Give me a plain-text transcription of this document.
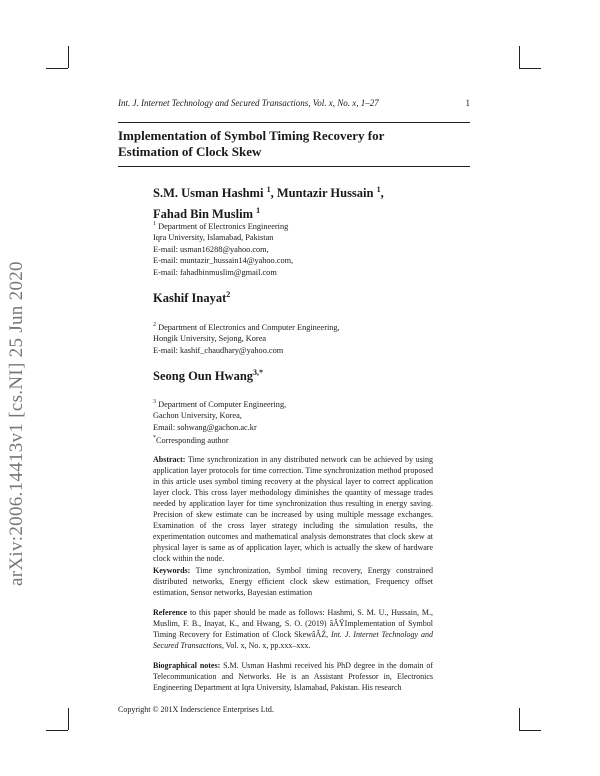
arXiv:2006.14413v1 [cs.NI] 25 Jun 2020
Int. J. Internet Technology and Secured Transactions, Vol. x, No. x, 1–27	1
Implementation of Symbol Timing Recovery for
Estimation of Clock Skew
S.M. Usman Hashmi $^1$, Muntazir Hussain $^1$,
Fahad Bin Muslim $^1$
$^1$ Department of Electronics Engineering
Iqra University, Islamabad, Pakistan
E-mail: usman16288@yahoo.com,
E-mail: muntazir_hussain14@yahoo.com,
E-mail: fahadbinmuslim@gmail.com
Kashif Inayat$^2$
$^2$ Department of Electronics and Computer Engineering,
Hongik University, Sejong, Korea
E-mail: kashif_chaudhary@yahoo.com
Seong Oun Hwang$^{3,*}$
$^3$ Department of Computer Engineering,
Gachon University, Korea,
Email: sohwang@gachon.ac.kr
*Corresponding author
Abstract: Time synchronization in any distributed network can be achieved by using application layer protocols for time correction. Time synchronization method proposed in this article uses symbol timing recovery at the physical layer to correct application layer clock. This cross layer methodology diminishes the quantity of message trades needed by application layer for time synchronization thus resulting in energy saving. Precision of skew estimate can be increased by using multiple message exchanges. Examination of the cross layer strategy including the simulation results, the experimentation outcomes and mathematical analysis demonstrates that clock skew at physical layer is same as of application layer, which is actually the skew of hardware clock within the node.
Keywords: Time synchronization, Symbol timing recovery, Energy constrained distributed networks, Energy efficient clock skew estimation, Frequency offset estimation, Sensor networks, Bayesian estimation
Reference to this paper should be made as follows: Hashmi, S. M. U., Hussain, M., Muslim, F. B., Inayat, K., and Hwang, S. O. (2019) âĂŸImplementation of Symbol Timing Recovery for Estimation of Clock SkewâĂŹ, Int. J. Internet Technology and Secured Transactions, Vol. x, No. x, pp.xxx–xxx.
Biographical notes: S.M. Usman Hashmi received his PhD degree in the domain of Telecommunication and Networks. He is an Assistant Professor in, Electronics Engineering Department at Iqra University, Islamabad, Pakistan. His research
Copyright © 201X Inderscience Enterprises Ltd.
